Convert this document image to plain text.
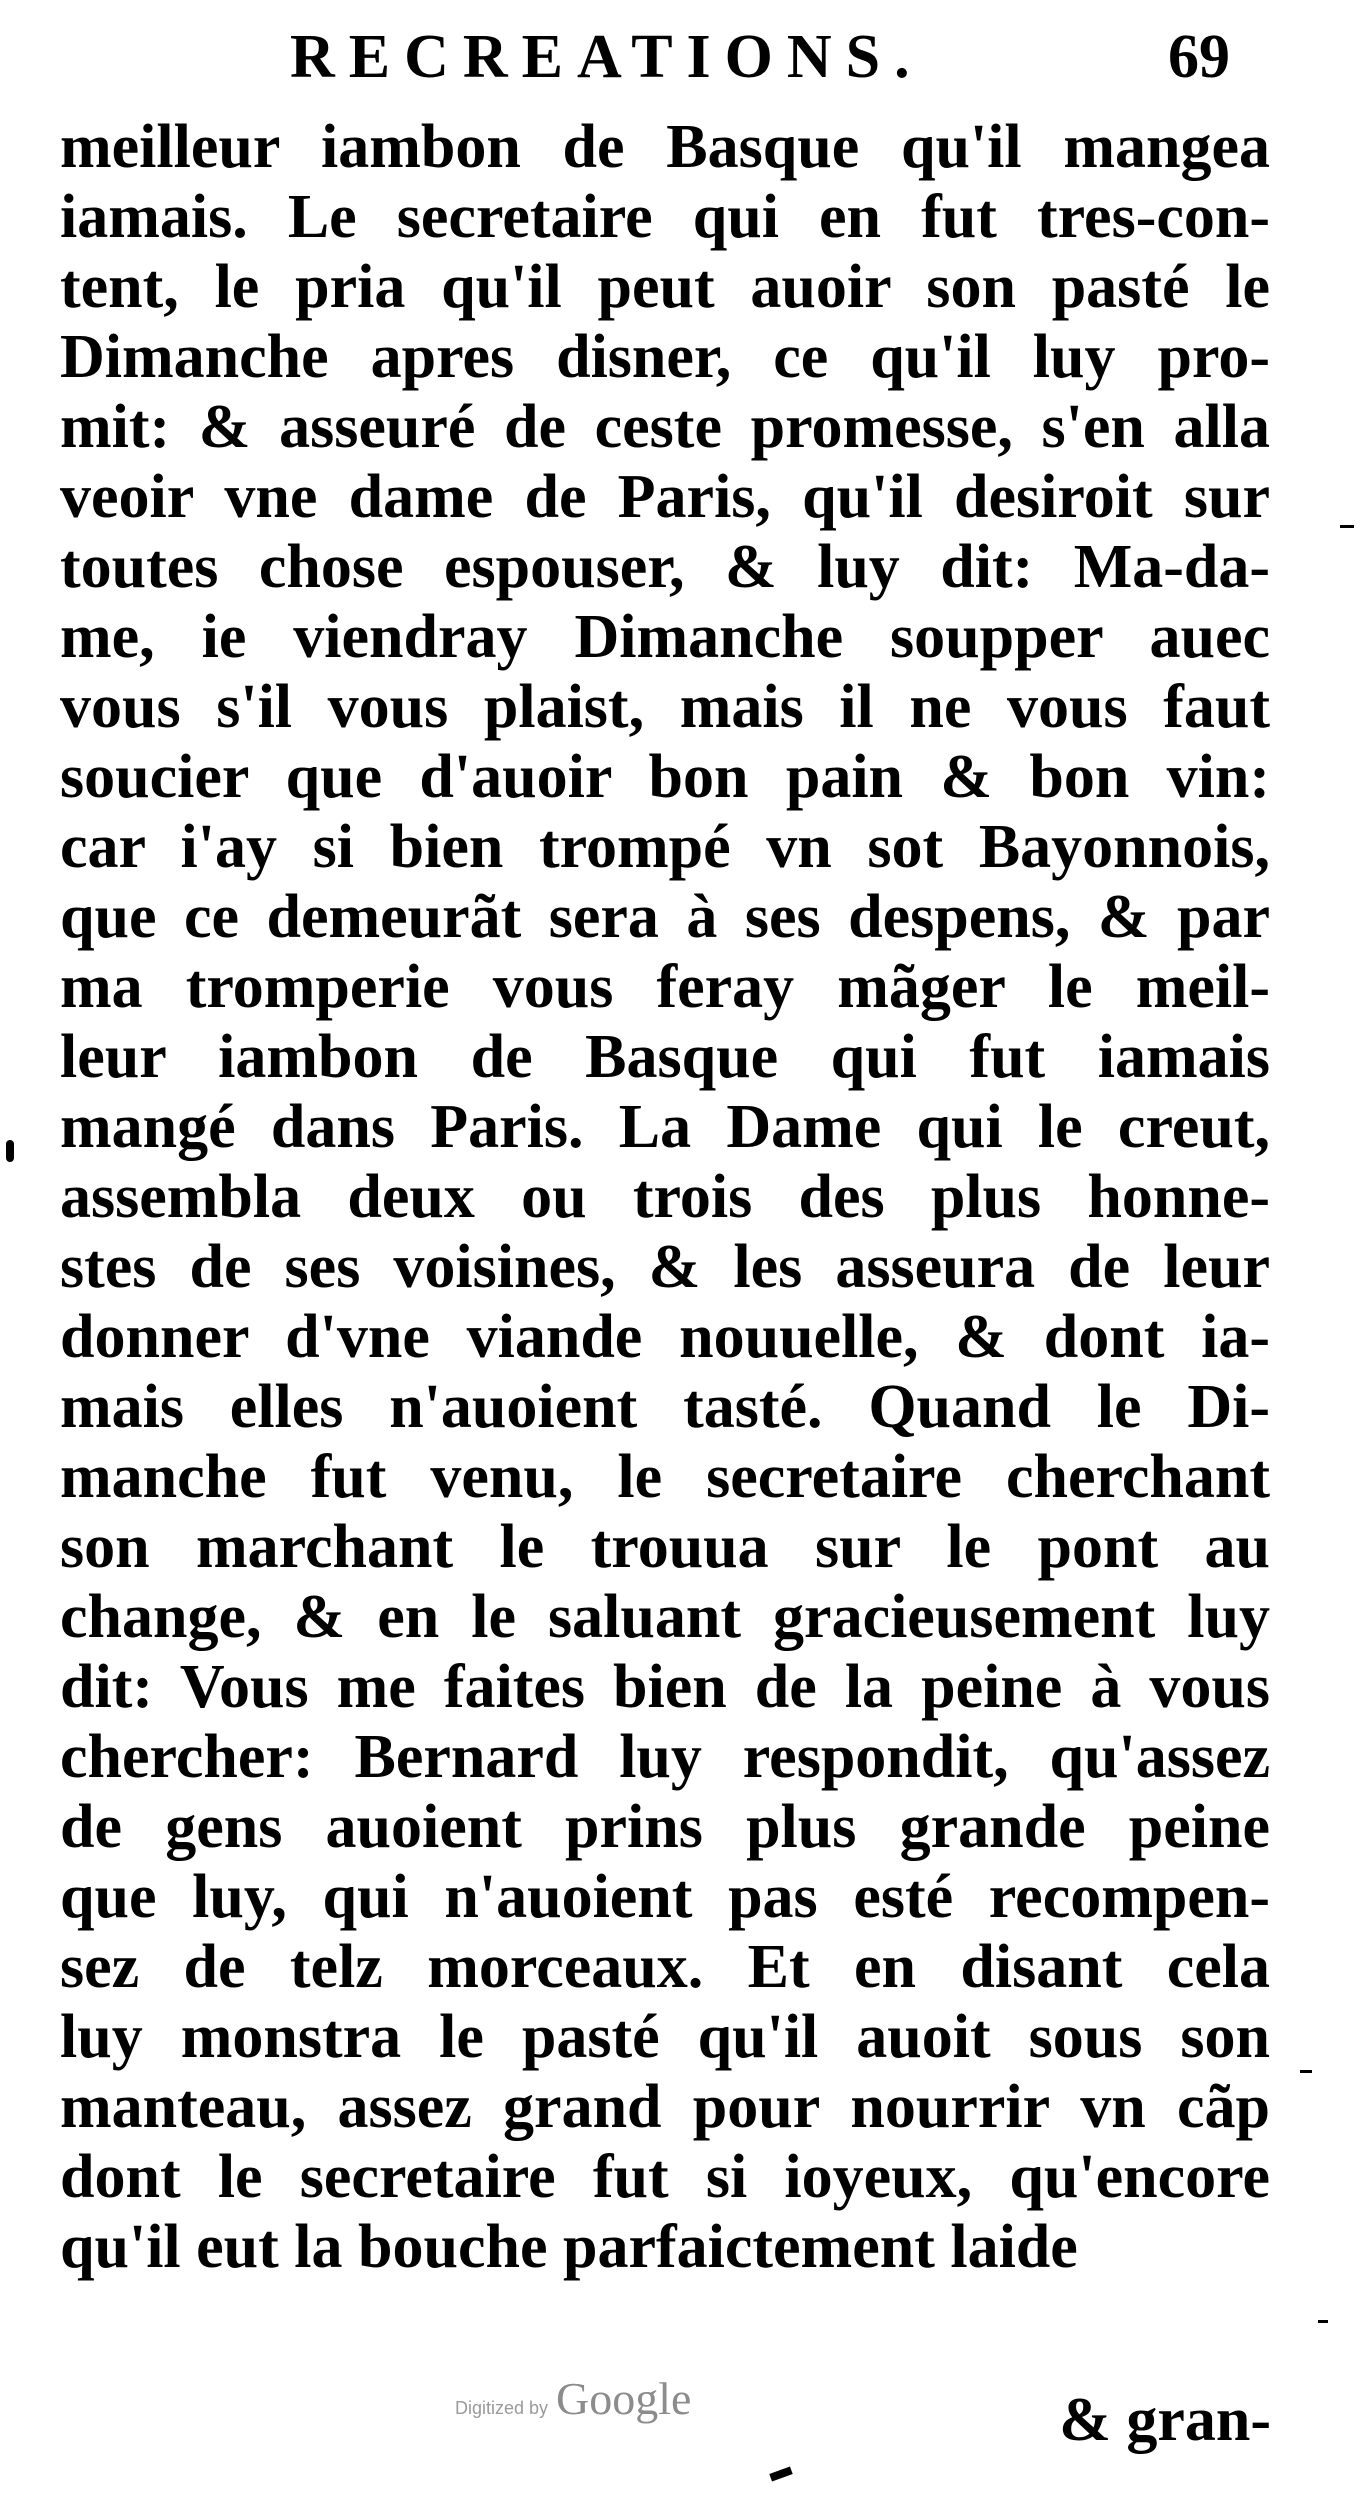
RECREATIONS.	69
meilleur iambon de Basque qu'il mangea
iamais. Le secretaire qui en fut tres-con-
tent, le pria qu'il peut auoir son pasté le
Dimanche apres disner, ce qu'il luy pro-
mit: & asseuré de ceste promesse, s'en alla
veoir vne dame de Paris, qu'il desiroit sur
toutes chose espouser, & luy dit: Ma-da-
me, ie viendray Dimanche soupper auec
vous s'il vous plaist, mais il ne vous faut
soucier que d'auoir bon pain & bon vin:
car i'ay si bien trompé vn sot Bayonnois,
que ce demeurãt sera à ses despens, & par
ma tromperie vous feray mãger le meil-
leur iambon de Basque qui fut iamais
mangé dans Paris. La Dame qui le creut,
assembla deux ou trois des plus honne-
stes de ses voisines, & les asseura de leur
donner d'vne viande nouuelle, & dont ia-
mais elles n'auoient tasté. Quand le Di-
manche fut venu, le secretaire cherchant
son marchant le trouua sur le pont au
change, & en le saluant gracieusement luy
dit: Vous me faites bien de la peine à vous
chercher: Bernard luy respondit, qu'assez
de gens auoient prins plus grande peine
que luy, qui n'auoient pas esté recompen-
sez de telz morceaux. Et en disant cela
luy monstra le pasté qu'il auoit sous son
manteau, assez grand pour nourrir vn cãp
dont le secretaire fut si ioyeux, qu'encore
qu'il eut la bouche parfaictement laide
Digitized by Google	& gran-
